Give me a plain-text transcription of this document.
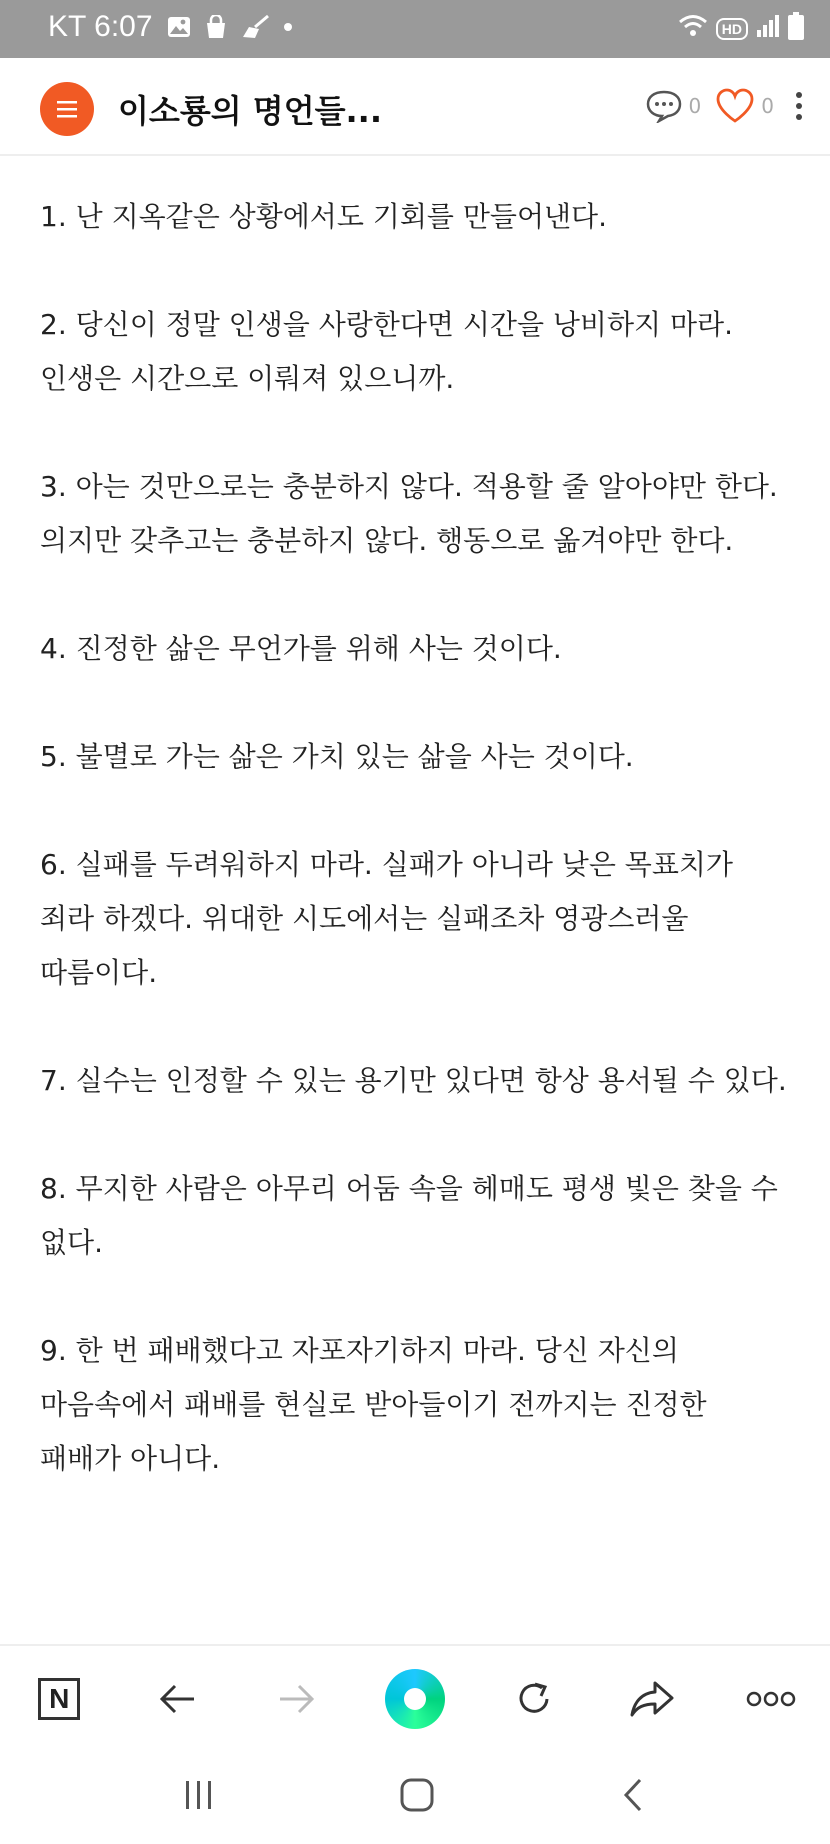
KT 6:07	HD
이소룡의 명언들...	0	0

1. 난 지옥같은 상황에서도 기회를 만들어낸다.

2. 당신이 정말 인생을 사랑한다면 시간을 낭비하지 마라. 인생은 시간으로 이뤄져 있으니까.

3. 아는 것만으로는 충분하지 않다. 적용할 줄 알아야만 한다. 의지만 갖추고는 충분하지 않다. 행동으로 옮겨야만 한다.

4. 진정한 삶은 무언가를 위해 사는 것이다.

5. 불멸로 가는 삶은 가치 있는 삶을 사는 것이다.

6. 실패를 두려워하지 마라. 실패가 아니라 낮은 목표치가 죄라 하겠다. 위대한 시도에서는 실패조차 영광스러울 따름이다.

7. 실수는 인정할 수 있는 용기만 있다면 항상 용서될 수 있다.

8. 무지한 사람은 아무리 어둠 속을 헤매도 평생 빛은 찾을 수 없다.

9. 한 번 패배했다고 자포자기하지 마라. 당신 자신의 마음속에서 패배를 현실로 받아들이기 전까지는 진정한 패배가 아니다.

N
